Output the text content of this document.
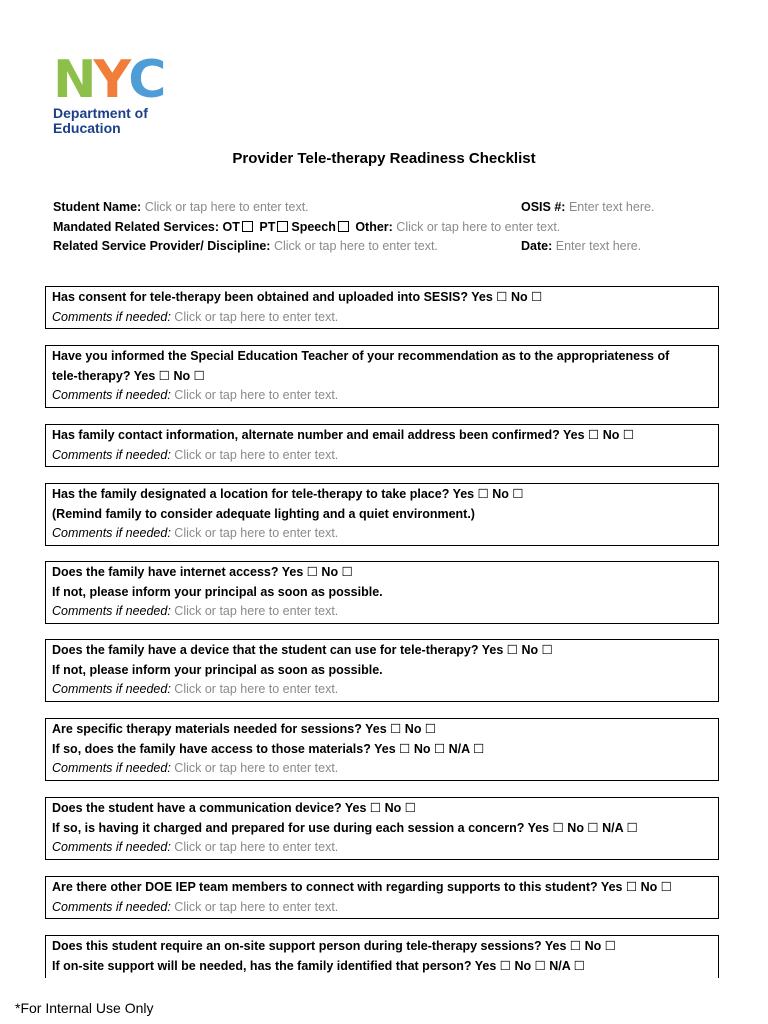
N Y C
Department of
Education
Provider Tele-therapy Readiness Checklist
Student Name: Click or tap here to enter text.	OSIS #: Enter text here.
Mandated Related Services: OT PT Speech Other: Click or tap here to enter text.
Related Service Provider/ Discipline: Click or tap here to enter text.	Date: Enter text here.
Has consent for tele-therapy been obtained and uploaded into SESIS? Yes ☐ No ☐
Comments if needed: Click or tap here to enter text.
Have you informed the Special Education Teacher of your recommendation as to the appropriateness of
tele-therapy? Yes ☐ No ☐
Comments if needed: Click or tap here to enter text.
Has family contact information, alternate number and email address been confirmed? Yes ☐ No ☐
Comments if needed: Click or tap here to enter text.
Has the family designated a location for tele-therapy to take place? Yes ☐ No ☐
(Remind family to consider adequate lighting and a quiet environment.)
Comments if needed: Click or tap here to enter text.
Does the family have internet access? Yes ☐ No ☐
If not, please inform your principal as soon as possible.
Comments if needed: Click or tap here to enter text.
Does the family have a device that the student can use for tele-therapy? Yes ☐ No ☐
If not, please inform your principal as soon as possible.
Comments if needed: Click or tap here to enter text.
Are specific therapy materials needed for sessions? Yes ☐ No ☐
If so, does the family have access to those materials? Yes ☐ No ☐ N/A ☐
Comments if needed: Click or tap here to enter text.
Does the student have a communication device? Yes ☐ No ☐
If so, is having it charged and prepared for use during each session a concern? Yes ☐ No ☐ N/A ☐
Comments if needed: Click or tap here to enter text.
Are there other DOE IEP team members to connect with regarding supports to this student? Yes ☐ No ☐
Comments if needed: Click or tap here to enter text.
Does this student require an on-site support person during tele-therapy sessions? Yes ☐ No ☐
If on-site support will be needed, has the family identified that person? Yes ☐ No ☐ N/A ☐
*For Internal Use Only
